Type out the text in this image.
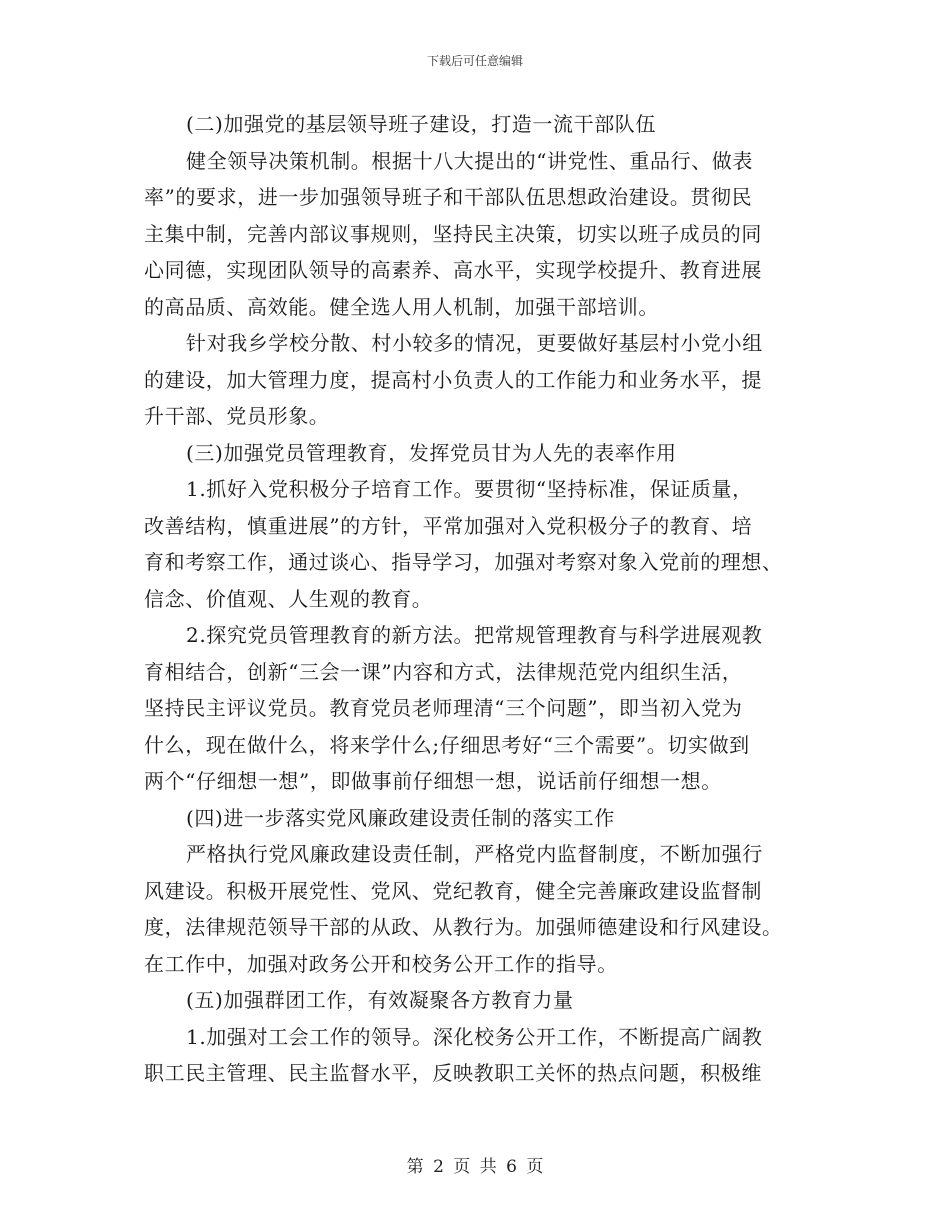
下载后可任意编辑
(二)加强党的基层领导班子建设，打造一流干部队伍
健全领导决策机制。根据十八大提出的“讲党性、重品行、做表
率”的要求，进一步加强领导班子和干部队伍思想政治建设。贯彻民
主集中制，完善内部议事规则，坚持民主决策，切实以班子成员的同
心同德，实现团队领导的高素养、高水平，实现学校提升、教育进展
的高品质、高效能。健全选人用人机制，加强干部培训。
针对我乡学校分散、村小较多的情况，更要做好基层村小党小组
的建设，加大管理力度，提高村小负责人的工作能力和业务水平，提
升干部、党员形象。
(三)加强党员管理教育，发挥党员甘为人先的表率作用
1.抓好入党积极分子培育工作。要贯彻“坚持标准，保证质量，
改善结构，慎重进展”的方针，平常加强对入党积极分子的教育、培
育和考察工作，通过谈心、指导学习，加强对考察对象入党前的理想、
信念、价值观、人生观的教育。
2.探究党员管理教育的新方法。把常规管理教育与科学进展观教
育相结合，创新“三会一课”内容和方式，法律规范党内组织生活，
坚持民主评议党员。教育党员老师理清“三个问题”，即当初入党为
什么，现在做什么，将来学什么;仔细思考好“三个需要”。切实做到
两个“仔细想一想”，即做事前仔细想一想，说话前仔细想一想。
(四)进一步落实党风廉政建设责任制的落实工作
严格执行党风廉政建设责任制，严格党内监督制度，不断加强行
风建设。积极开展党性、党风、党纪教育，健全完善廉政建设监督制
度，法律规范领导干部的从政、从教行为。加强师德建设和行风建设。
在工作中，加强对政务公开和校务公开工作的指导。
(五)加强群团工作，有效凝聚各方教育力量
1.加强对工会工作的领导。深化校务公开工作，不断提高广阔教
职工民主管理、民主监督水平，反映教职工关怀的热点问题，积极维
第 2 页 共 6 页
